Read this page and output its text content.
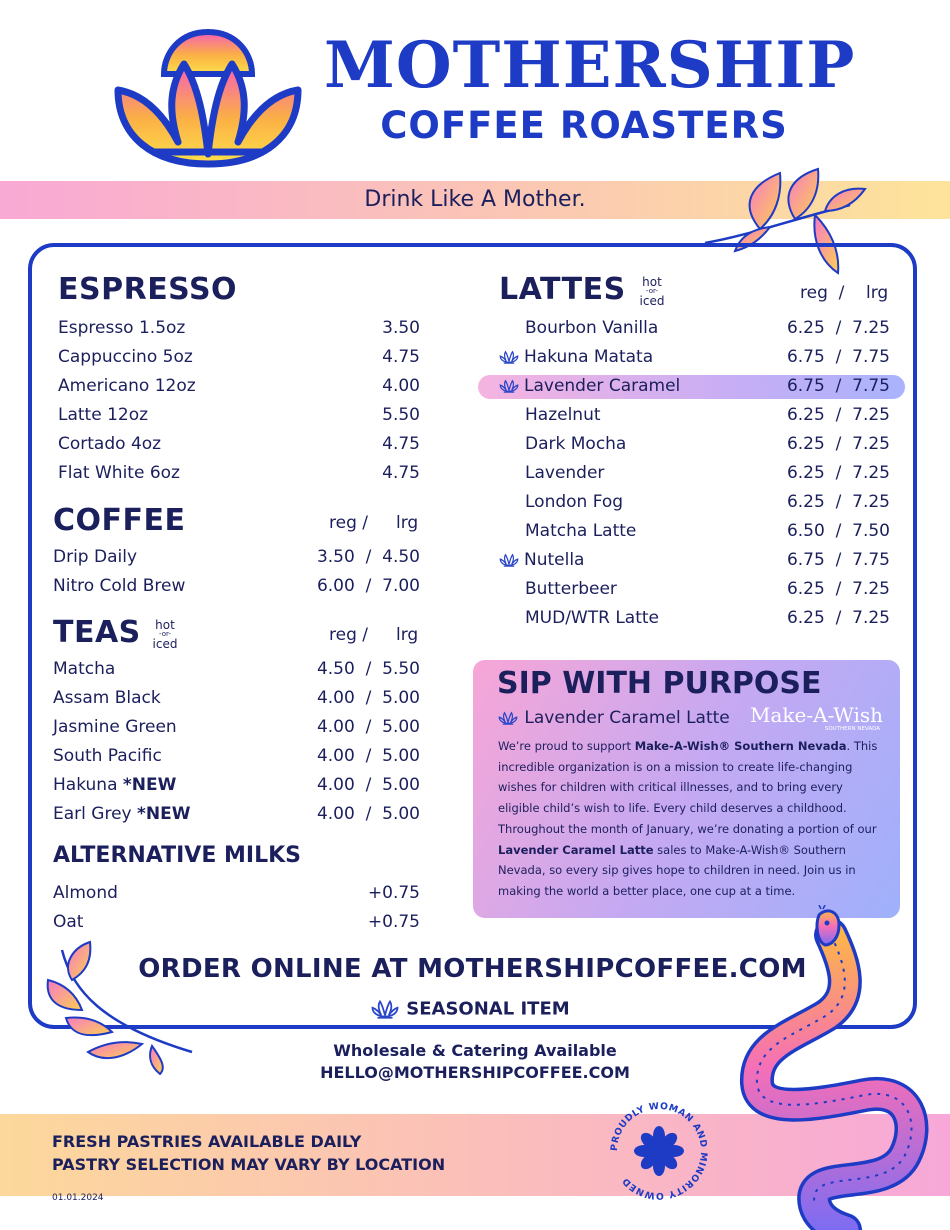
MOTHERSHIP
COFFEE ROASTERS
Drink Like A Mother.
ESPRESSO
Espresso 1.5oz	3.50
Cappuccino 5oz	4.75
Americano 12oz	4.00
Latte 12oz	5.50
Cortado 4oz	4.75
Flat White 6oz	4.75
COFFEE	reg / lrg
Drip Daily	3.50  /  4.50
Nitro Cold Brew	6.00  /  7.00
TEAS	hot
-or-
iced	reg / lrg
Matcha	4.50  /  5.50
Assam Black	4.00  /  5.00
Jasmine Green	4.00  /  5.00
South Pacific	4.00  /  5.00
Hakuna *NEW	4.00  /  5.00
Earl Grey *NEW	4.00  /  5.00
ALTERNATIVE MILKS
Almond	+0.75
Oat	+0.75
LATTES	hot
-or-
iced	reg  / lrg
Bourbon Vanilla	6.25  /  7.25
Hakuna Matata	6.75  /  7.75
Lavender Caramel	6.75  /  7.75
Hazelnut	6.25  /  7.25
Dark Mocha	6.25  /  7.25
Lavender	6.25  /  7.25
London Fog	6.25  /  7.25
Matcha Latte	6.50  /  7.50
Nutella	6.75  /  7.75
Butterbeer	6.25  /  7.25
MUD/WTR Latte	6.25  /  7.25
SIP WITH PURPOSE
Lavender Caramel Latte Make-A-Wish
SOUTHERN NEVADA
We’re proud to support Make-A-Wish® Southern Nevada. This incredible organization is on a mission to create life-changing wishes for children with critical illnesses, and to bring every eligible child’s wish to life. Every child deserves a childhood. Throughout the month of January, we’re donating a portion of our Lavender Caramel Latte sales to Make-A-Wish® Southern Nevada, so every sip gives hope to children in need. Join us in making the world a better place, one cup at a time.
ORDER ONLINE AT MOTHERSHIPCOFFEE.COM
SEASONAL ITEM
Wholesale & Catering Available
HELLO@MOTHERSHIPCOFFEE.COM
FRESH PASTRIES AVAILABLE DAILY
PASTRY SELECTION MAY VARY BY LOCATION
01.01.2024
PROUDLY WOMAN AND MINORITY OWNED
